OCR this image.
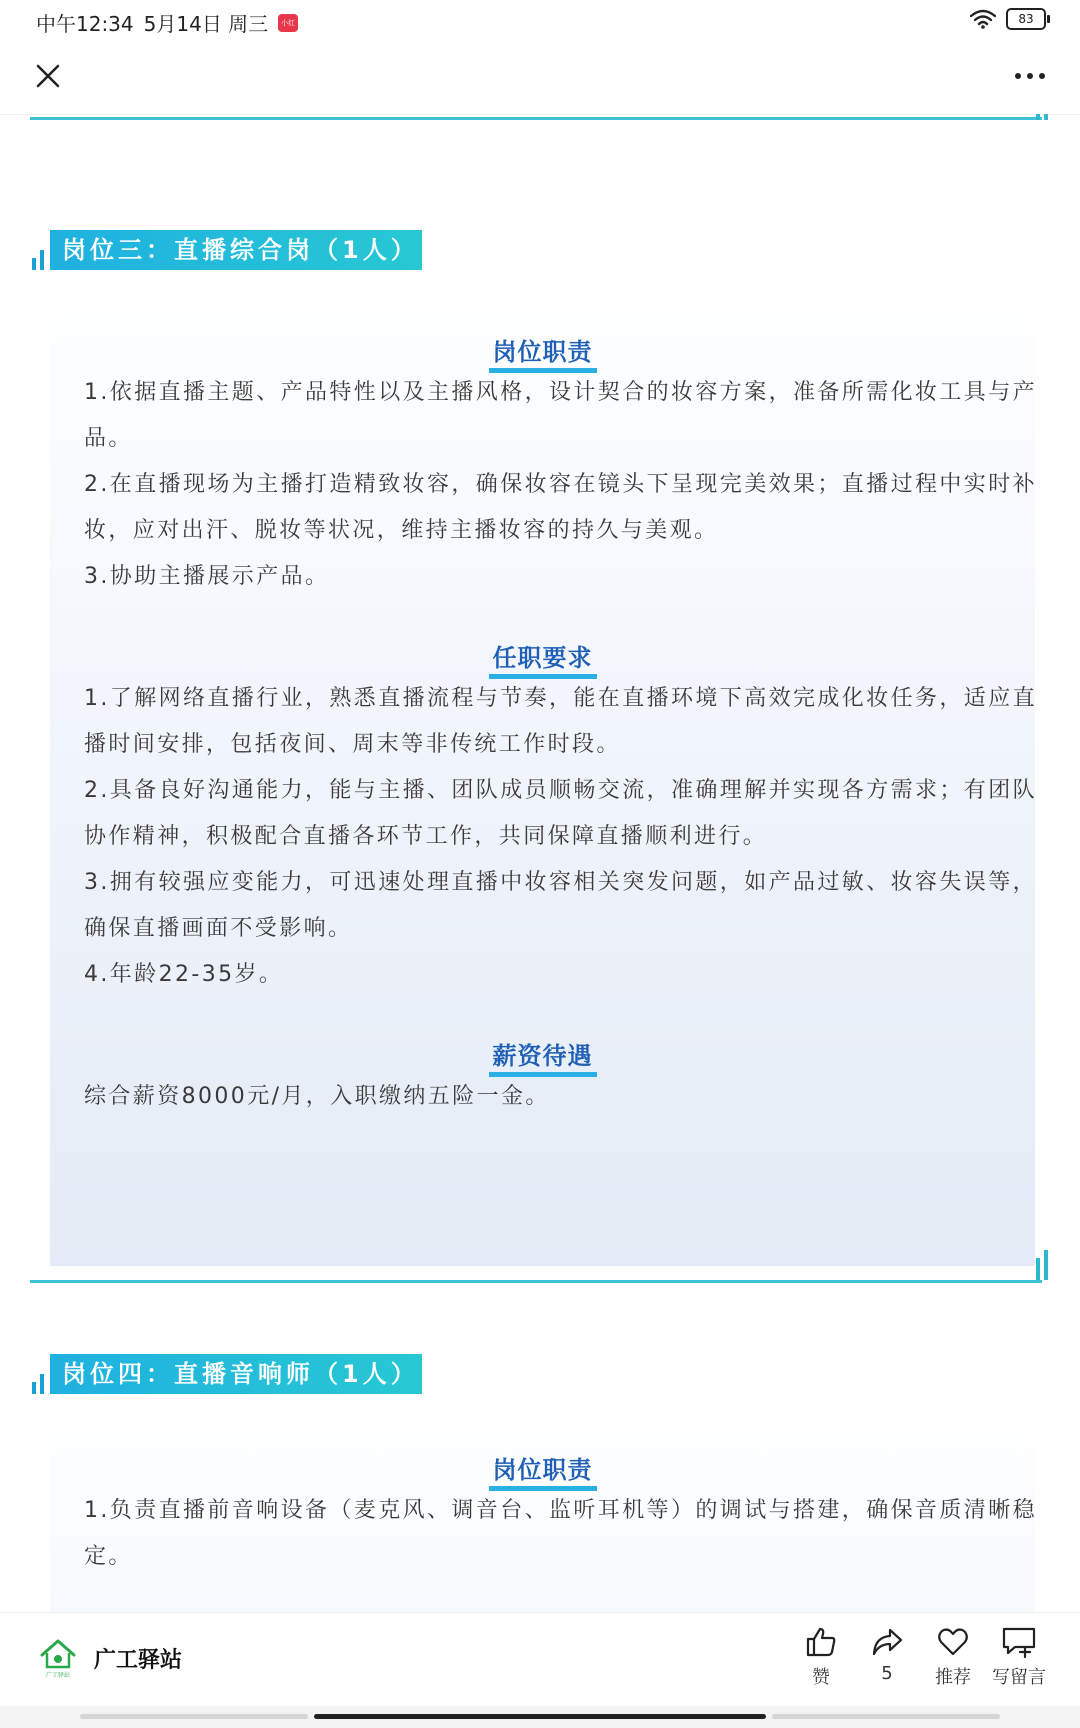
中午12:34 5月14日 周三	小红书
83
岗位三：直播综合岗（1人）
岗位职责

1.依据直播主题、产品特性以及主播风格，设计契合的妆容方案，准备所需化妆工具与产品。

2.在直播现场为主播打造精致妆容，确保妆容在镜头下呈现完美效果；直播过程中实时补妆，应对出汗、脱妆等状况，维持主播妆容的持久与美观。

3.协助主播展示产品。

任职要求

1.了解网络直播行业，熟悉直播流程与节奏，能在直播环境下高效完成化妆任务，适应直播时间安排，包括夜间、周末等非传统工作时段。

2.具备良好沟通能力，能与主播、团队成员顺畅交流，准确理解并实现各方需求；有团队协作精神，积极配合直播各环节工作，共同保障直播顺利进行。

3.拥有较强应变能力，可迅速处理直播中妆容相关突发问题，如产品过敏、妆容失误等，确保直播画面不受影响。

4.年龄22-35岁。

薪资待遇

综合薪资8000元/月，入职缴纳五险一金。

岗位四：直播音响师（1人）
岗位职责

1.负责直播前音响设备（麦克风、调音台、监听耳机等）的调试与搭建，确保音质清晰稳定。

广工驿站
广工驿站
赞	5	推荐	写留言
